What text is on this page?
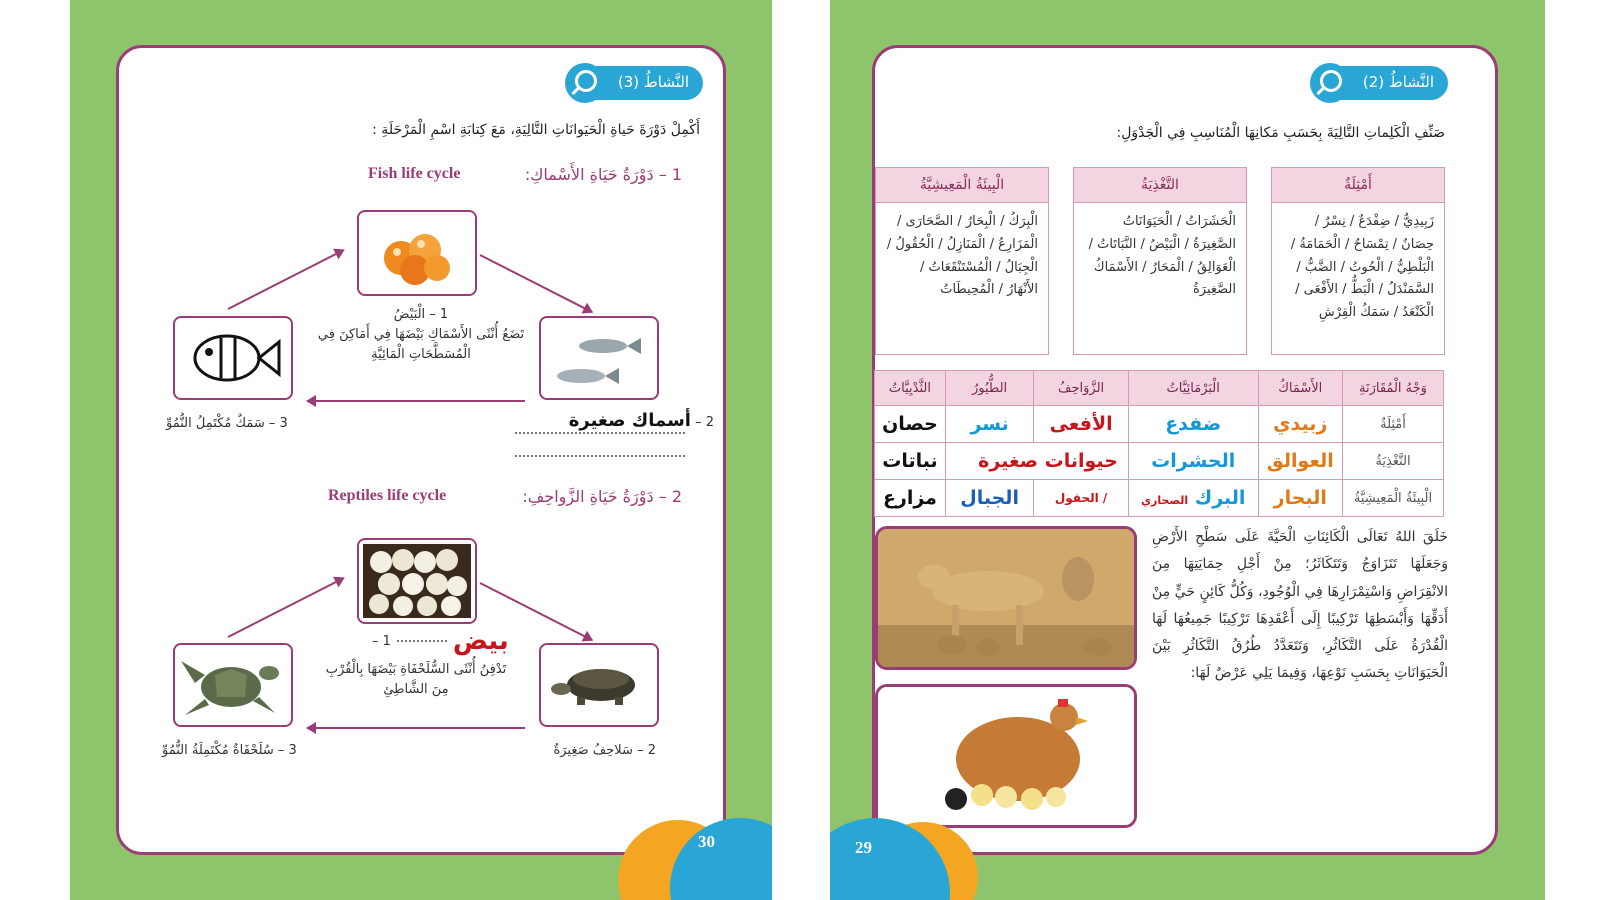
النَّشاطُ (3)
أَكْمِلْ دَوْرَةَ حَياةِ الْحَيَوانَاتِ التَّالِيَةِ، مَعَ كِتابَةِ اسْمِ الْمَرْحَلَةِ :
1 – دَوْرَةُ حَيَاةِ الأَسْماكِ:
Fish life cycle
1 – الْبَيْضُ
تَضَعُ أُنْثَى الأَسْمَاكِ بَيْضَهَا فِي أَمَاكِنَ فِي الْمُسَطَّحَاتِ الْمَائِيَّةِ
2 – أسماك صغيرة
3 – سَمَكٌ مُكْتَمِلُ النُّمُوِّ
2 – دَوْرَةُ حَيَاةِ الزَّواحِفِ:
Reptiles life cycle
بيض
1 –
تَدْفِنُ أُنْثَى السُّلَحْفَاةِ بَيْضَهَا بِالْقُرْبِ مِنَ الشَّاطِئِ
2 – سَلاحِفُ صَغِيرَةٌ
3 – سُلَحْفَاةٌ مُكْتَمِلَةُ النُّمُوِّ
30
النَّشاطُ (2)
صَنِّفِ الْكَلِماتِ التَّالِيَةَ بِحَسَبِ مَكانِهَا الْمُنَاسِبِ فِي الْجَدْوَلِ:
أَمْثِلَةٌ
زَبِيدِيٌّ / ضِفْدَعٌ / نِسْرٌ / حِصَانٌ / تِمْسَاحٌ / الْحَمَامَةُ / الْبَلْطِيُّ / الْحُوتُ / الضَّبُّ / السَّمَنْدَلُ / الْبَطُّ / الأَفْعَى / الْكَنْعَدُ / سَمَكُ الْقِرْشِ
التَّغْذِيَةُ
الْحَشَرَاتُ / الْحَيَوَانَاتُ الصَّغِيرَةُ / الْبَيْضُ / النَّبَاتَاتُ / الْعَوَالِقُ / الْمَحَارُ / الأَسْمَاكُ الصَّغِيرَةُ
الْبِيئَةُ الْمَعِيشِيَّةُ
الْبِرَكُ / الْبِحَارُ / الصَّحَارَى / الْمَزَارِعُ / الْمَنَازِلُ / الْحُقُولُ / الْجِبَالُ / الْمُسْتَنْقَعَاتُ / الأَنْهَارُ / الْمُحِيطَاتُ
وَجْهُ الْمُقَارَنَةِ	الأَسْمَاكُ	الْبَرْمَائِيَّاتُ	الزَّوَاحِفُ	الطُّيُورُ	الثَّدْيِيَّاتُ
أَمْثِلَةٌ	زبيدي	ضفدع	الأفعى	نسر	حصان
التَّغْذِيَةُ	العوالق	الحشرات	حيوانات صغيرة		نباتات
الْبِيئَةُ الْمَعِيشِيَّةُ	البحار	البرك الصحاري	/ الحقول	الجبال	مزارع
خَلَقَ اللهُ تَعَالَى الْكَائِنَاتِ الْحَيَّةَ عَلَى سَطْحِ الأَرْضِ وَجَعَلَهَا تَتَزَاوَجُ وَتَتَكَاثَرُ؛ مِنْ أَجْلِ حِمَايَتِهَا مِنَ الانْقِرَاضِ وَاسْتِمْرَارِهَا فِي الْوُجُودِ، وَكُلُّ كَائِنٍ حَيٍّ مِنْ أَدَقِّهَا وَأَبْسَطِهَا تَرْكِيبًا إِلَى أَعْقَدِهَا تَرْكِيبًا جَمِيعُهَا لَهَا الْقُدْرَةُ عَلَى التَّكَاثُرِ، وَتَتَعَدَّدُ طُرُقُ التَّكَاثُرِ بَيْنَ الْحَيَوَانَاتِ بِحَسَبِ نَوْعِهَا، وَفِيمَا يَلِي عَرْضٌ لَهَا:
29
